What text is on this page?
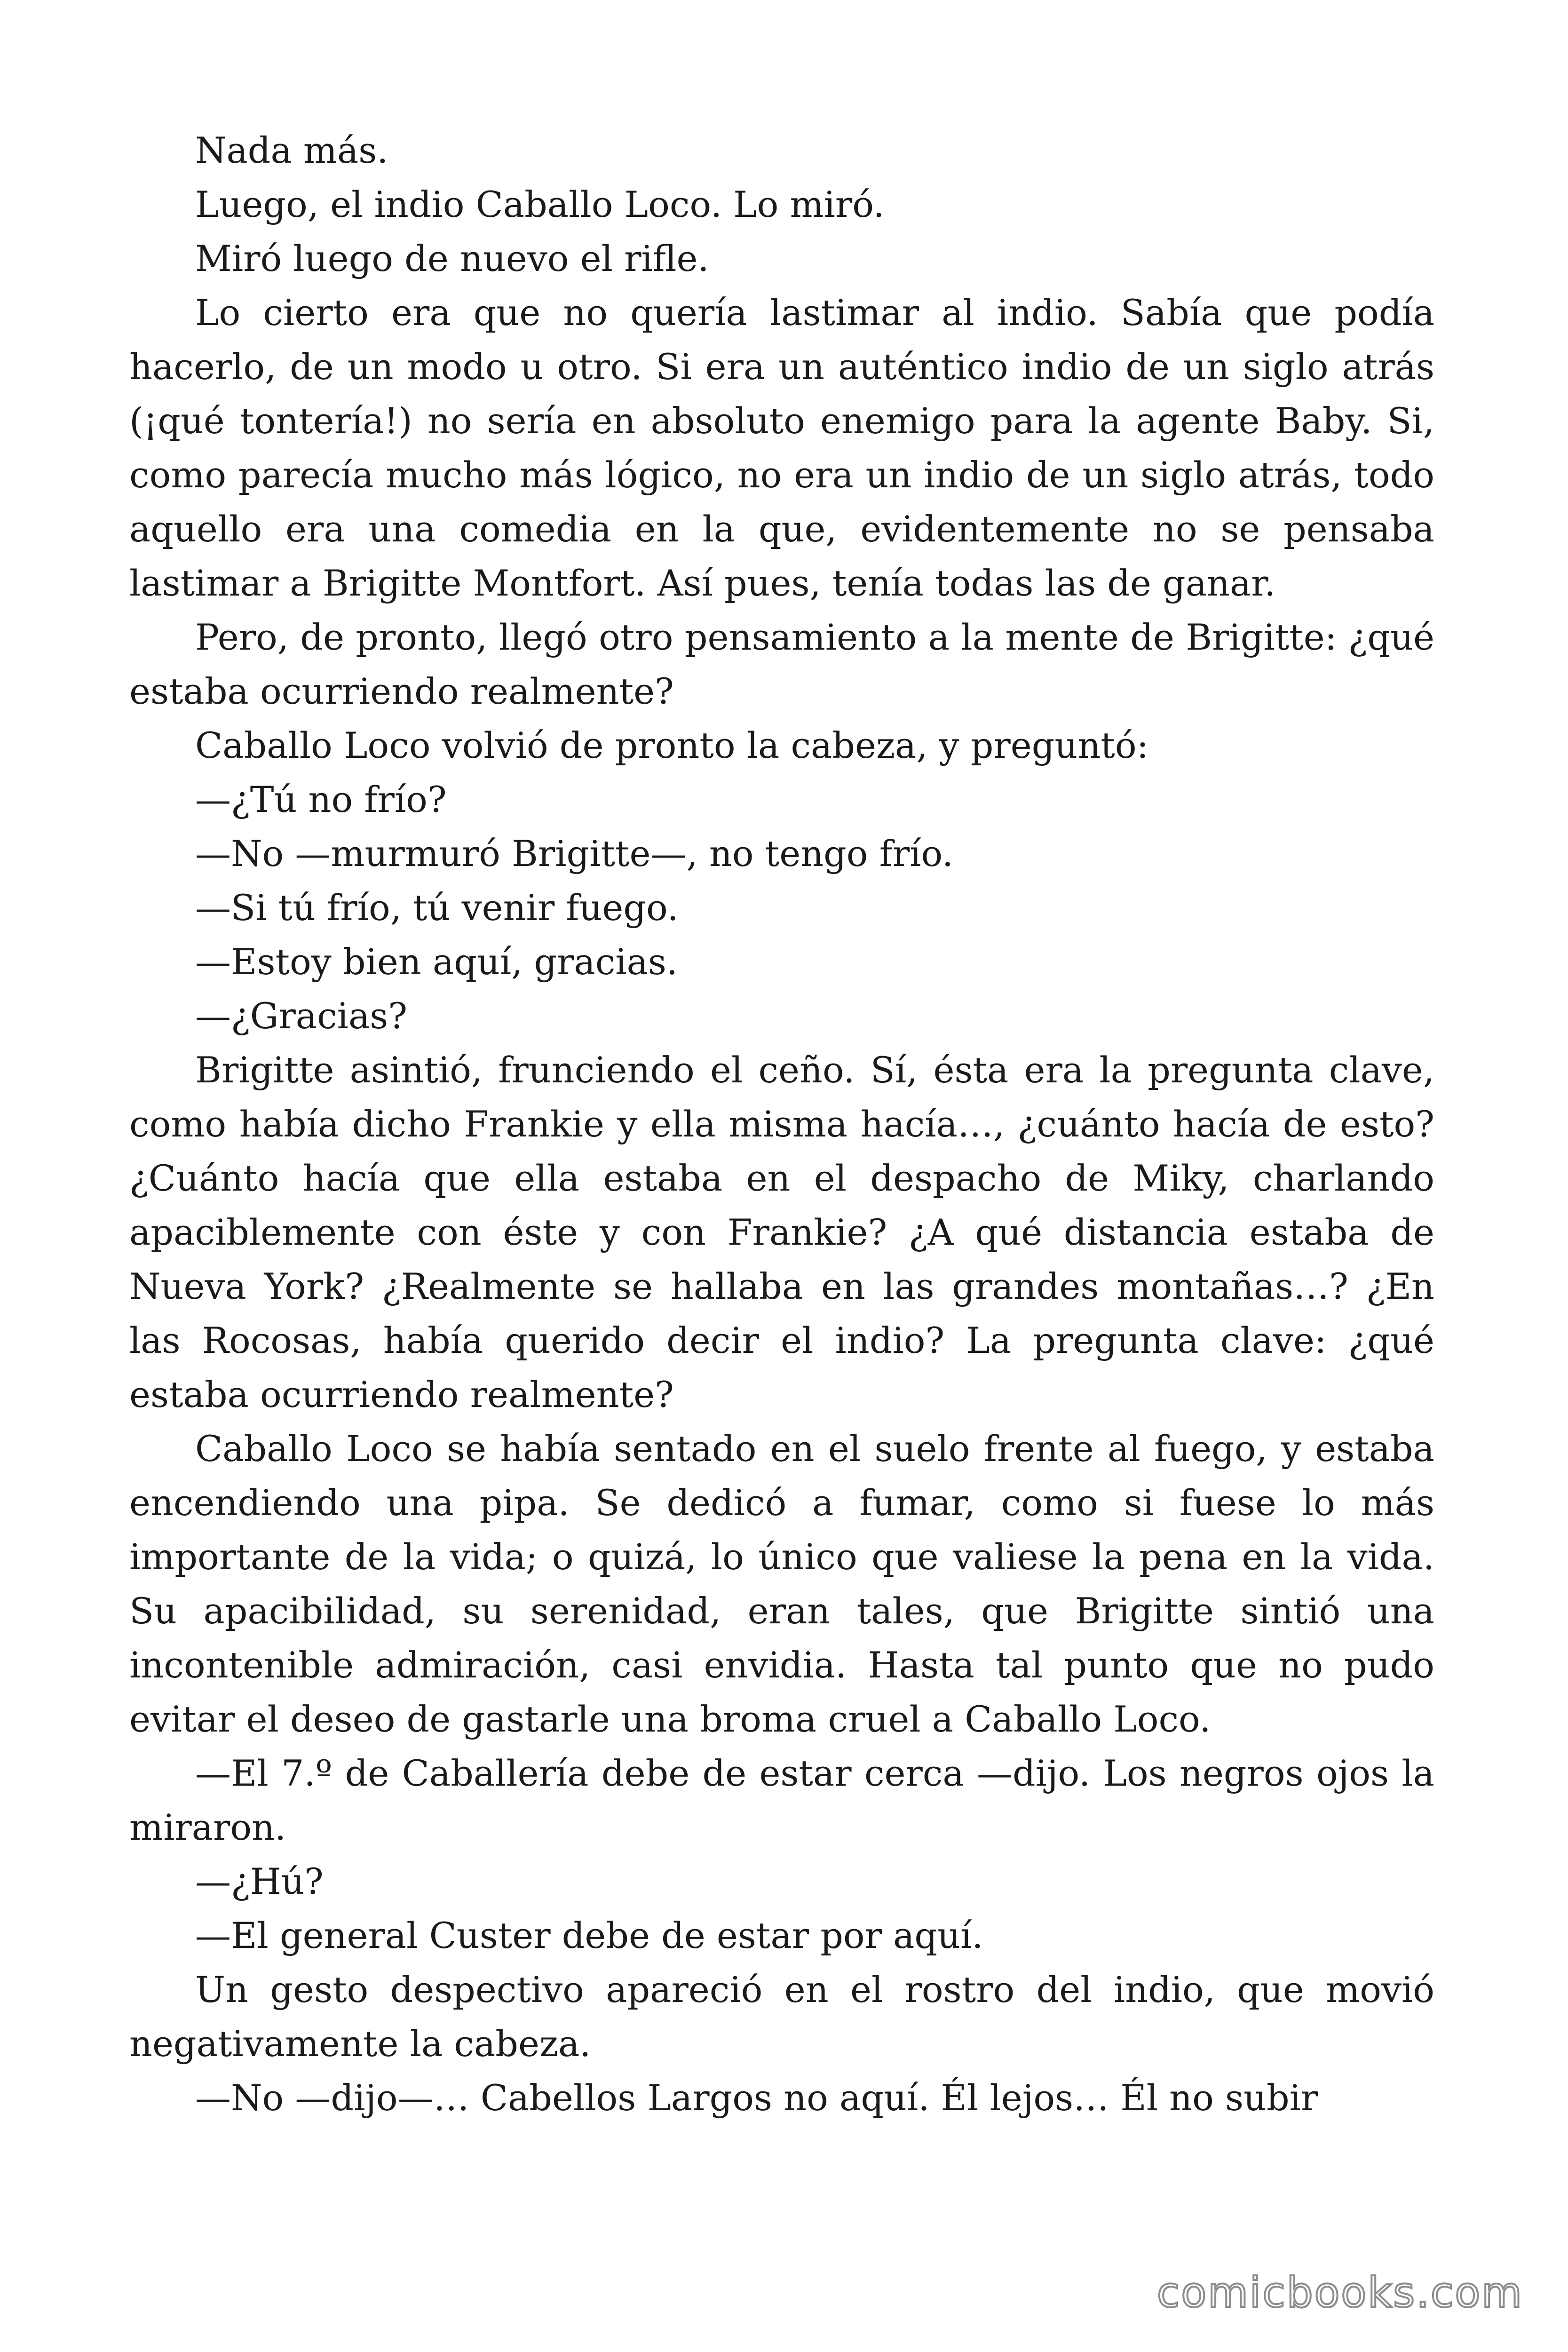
Nada más.

Luego, el indio Caballo Loco. Lo miró.

Miró luego de nuevo el rifle.

Lo cierto era que no quería lastimar al indio. Sabía que podía hacerlo, de un modo u otro. Si era un auténtico indio de un siglo atrás (¡qué tontería!) no sería en absoluto enemigo para la agente Baby. Si, como parecía mucho más lógico, no era un indio de un siglo atrás, todo aquello era una comedia en la que, evidentemente no se pensaba lastimar a Brigitte Montfort. Así pues, tenía todas las de ganar.

Pero, de pronto, llegó otro pensamiento a la mente de Brigitte: ¿qué estaba ocurriendo realmente?

Caballo Loco volvió de pronto la cabeza, y preguntó:

—¿Tú no frío?

—No —murmuró Brigitte—, no tengo frío.

—Si tú frío, tú venir fuego.

—Estoy bien aquí, gracias.

—¿Gracias?

Brigitte asintió, frunciendo el ceño. Sí, ésta era la pregunta clave, como había dicho Frankie y ella misma hacía…, ¿cuánto hacía de esto? ¿Cuánto hacía que ella estaba en el despacho de Miky, charlando apaciblemente con éste y con Frankie? ¿A qué distancia estaba de Nueva York? ¿Realmente se hallaba en las grandes montañas…? ¿En las Rocosas, había querido decir el indio? La pregunta clave: ¿qué estaba ocurriendo realmente?

Caballo Loco se había sentado en el suelo frente al fuego, y estaba encendiendo una pipa. Se dedicó a fumar, como si fuese lo más importante de la vida; o quizá, lo único que valiese la pena en la vida. Su apacibilidad, su serenidad, eran tales, que Brigitte sintió una incontenible admiración, casi envidia. Hasta tal punto que no pudo evitar el deseo de gastarle una broma cruel a Caballo Loco.

—El 7.º de Caballería debe de estar cerca —dijo. Los negros ojos la miraron.

—¿Hú?

—El general Custer debe de estar por aquí.

Un gesto despectivo apareció en el rostro del indio, que movió negativamente la cabeza.

—No —dijo—… Cabellos Largos no aquí. Él lejos… Él no subir

comicbooks.com
